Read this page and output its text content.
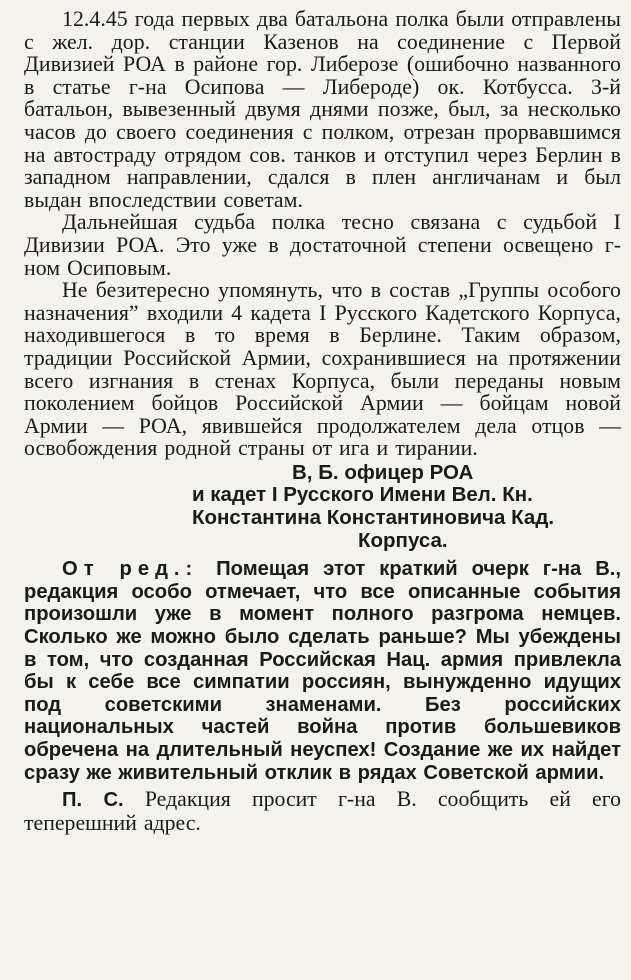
12.4.45 года первых два батальона полка были отправлены с жел. дор. станции Казенов на соединение с Первой Дивизией РОА в районе гор. Либерозе (ошибочно названного в статье г-на Осипова — Либероде) ок. Котбусса. 3-й батальон, вывезенный двумя днями позже, был, за несколько часов до своего соединения с полком, отрезан прорвавшимся на автостраду отрядом сов. танков и отступил через Берлин в западном направлении, сдался в плен англичанам и был выдан впоследствии советам.

Дальнейшая судьба полка тесно связана с судьбой I Дивизии РОА. Это уже в достаточной степени освещено г-ном Осиповым.

Не безитересно упомянуть, что в состав „Группы особого назначения” входили 4 кадета I Русского Кадетского Корпуса, находившегося в то время в Берлине. Таким образом, традиции Российской Армии, сохранившиеся на протяжении всего изгнания в стенах Корпуса, были переданы новым поколением бойцов Российской Армии — бойцам новой Армии — РОА, явившейся продолжателем дела отцов — освобождения родной страны от ига и тирании.

В, Б. офицер РОА
и кадет I Русского Имени Вел. Кн.
Константина Константиновича Кад.
Корпуса.

От ред.: Помещая этот краткий очерк г-на В., редакция особо отмечает, что все описанные события произошли уже в момент полного разгрома немцев. Сколько же можно было сделать раньше? Мы убеждены в том, что созданная Российская Нац. армия привлекла бы к себе все симпатии россиян, вынужденно идущих под советскими знаменами. Без российских национальных частей война против большевиков обречена на длительный неуспех! Создание же их найдет сразу же живительный отклик в рядах Советской армии.

П. С. Редакция просит г-на В. сообщить ей его теперешний адрес.
